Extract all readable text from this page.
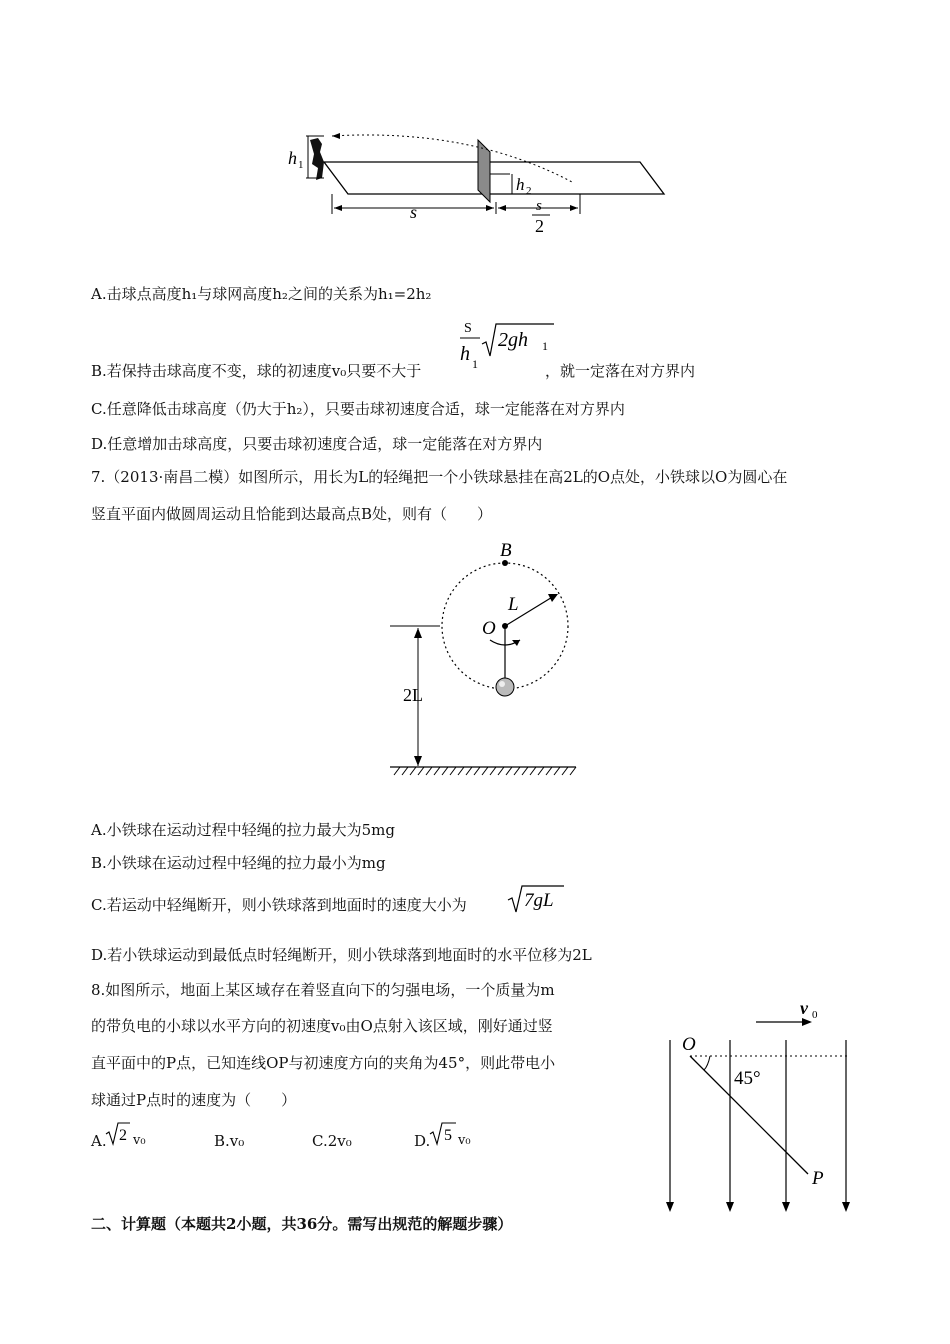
h 1
h 2
s	s
2
A.击球点高度h₁与球网高度h₂之间的关系为h₁=2h₂
B.若保持击球高度不变，球的初速度v₀只要不大于
S
h 1
2gh 1
，就一定落在对方界内
C.任意降低击球高度（仍大于h₂），只要击球初速度合适，球一定能落在对方界内
D.任意增加击球高度，只要击球初速度合适，球一定能落在对方界内
7.（2013·南昌二模）如图所示，用长为L的轻绳把一个小铁球悬挂在高2L的O点处，小铁球以O为圆心在
竖直平面内做圆周运动且恰能到达最高点B处，则有（　　）
B
L
O
2L
A.小铁球在运动过程中轻绳的拉力最大为5mg
B.小铁球在运动过程中轻绳的拉力最小为mg
C.若运动中轻绳断开，则小铁球落到地面时的速度大小为	7gL
D.若小铁球运动到最低点时轻绳断开，则小铁球落到地面时的水平位移为2L
8.如图所示，地面上某区域存在着竖直向下的匀强电场，一个质量为m
的带负电的小球以水平方向的初速度v₀由O点射入该区域，刚好通过竖
直平面中的P点，已知连线OP与初速度方向的夹角为45°，则此带电小
球通过P点时的速度为（　　）
A. 2 v₀	B.v₀	C.2v₀	D. 5 v₀
v 0
O
45°
P
二、计算题（本题共2小题，共36分。需写出规范的解题步骤）
